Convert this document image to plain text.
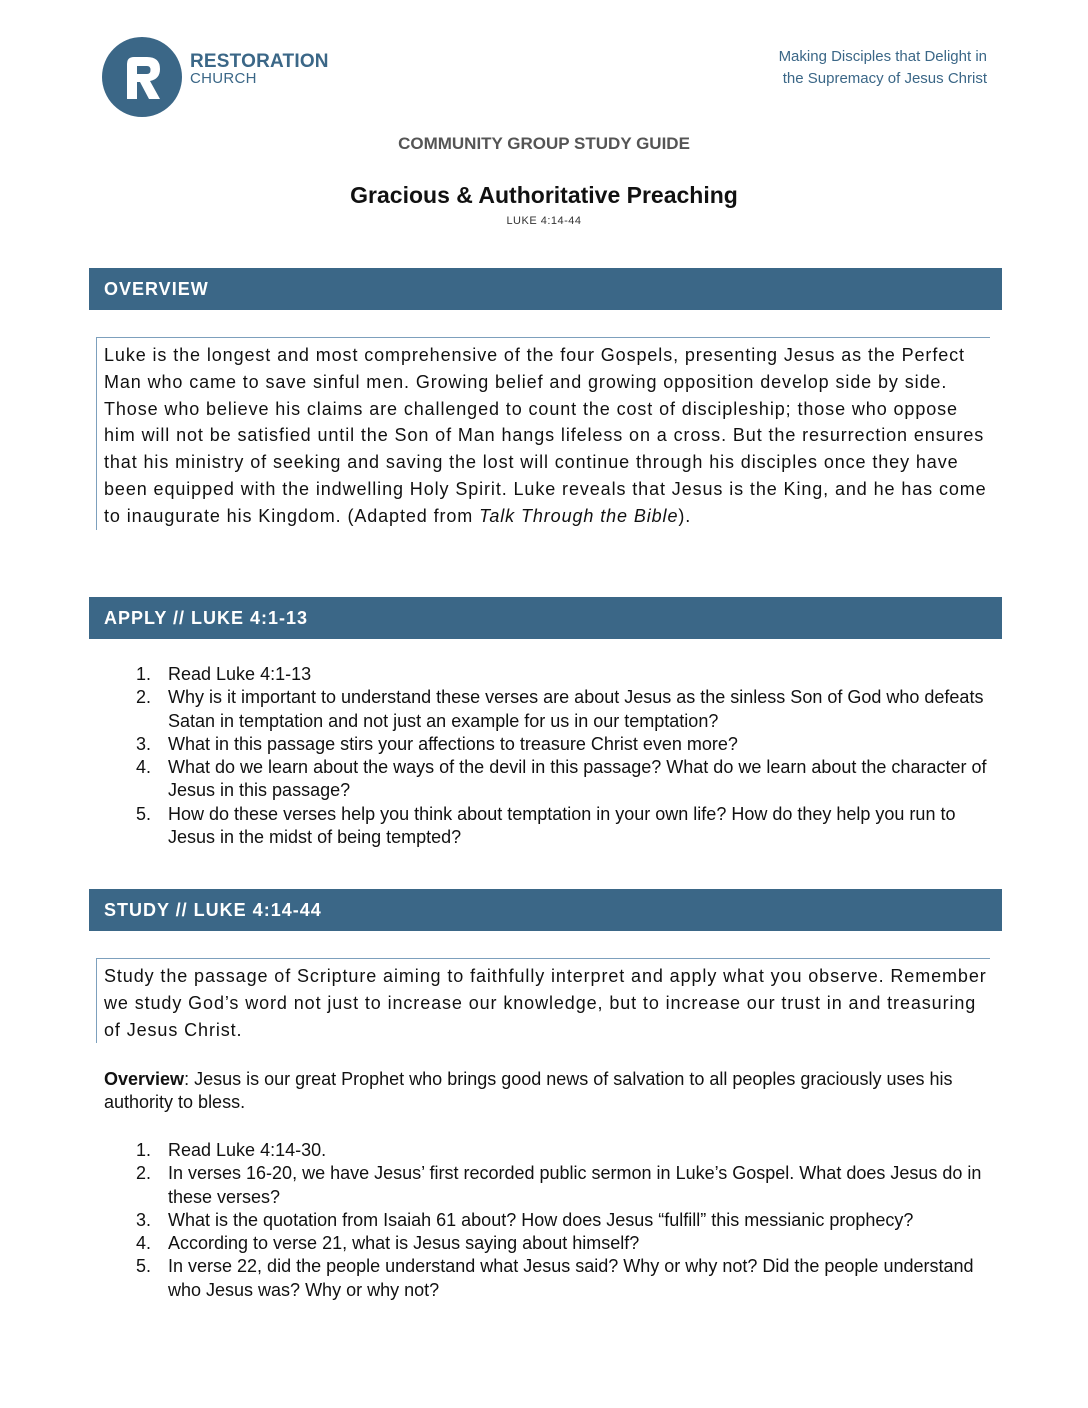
RESTORATION
CHURCH
Making Disciples that Delight in
the Supremacy of Jesus Christ
COMMUNITY GROUP STUDY GUIDE
Gracious & Authoritative Preaching
LUKE 4:14-44
OVERVIEW

Luke is the longest and most comprehensive of the four Gospels, presenting Jesus as the Perfect Man who came to save sinful men. Growing belief and growing opposition develop side by side. Those who believe his claims are challenged to count the cost of discipleship; those who oppose him will not be satisfied until the Son of Man hangs lifeless on a cross. But the resurrection ensures that his ministry of seeking and saving the lost will continue through his disciples once they have been equipped with the indwelling Holy Spirit. Luke reveals that Jesus is the King, and he has come to inaugurate his Kingdom. (Adapted from Talk Through the Bible).

APPLY // LUKE 4:1-13
1. Read Luke 4:1-13
2. Why is it important to understand these verses are about Jesus as the sinless Son of God who defeats Satan in temptation and not just an example for us in our temptation?
3. What in this passage stirs your affections to treasure Christ even more?
4. What do we learn about the ways of the devil in this passage? What do we learn about the character of Jesus in this passage?
5. How do these verses help you think about temptation in your own life? How do they help you run to Jesus in the midst of being tempted?
STUDY // LUKE 4:14-44

Study the passage of Scripture aiming to faithfully interpret and apply what you observe. Remember we study God’s word not just to increase our knowledge, but to increase our trust in and treasuring of Jesus Christ.

Overview: Jesus is our great Prophet who brings good news of salvation to all peoples graciously uses his authority to bless.
1. Read Luke 4:14-30.
2. In verses 16-20, we have Jesus’ first recorded public sermon in Luke’s Gospel. What does Jesus do in these verses?
3. What is the quotation from Isaiah 61 about? How does Jesus “fulfill” this messianic prophecy?
4. According to verse 21, what is Jesus saying about himself?
5. In verse 22, did the people understand what Jesus said? Why or why not? Did the people understand who Jesus was? Why or why not?
